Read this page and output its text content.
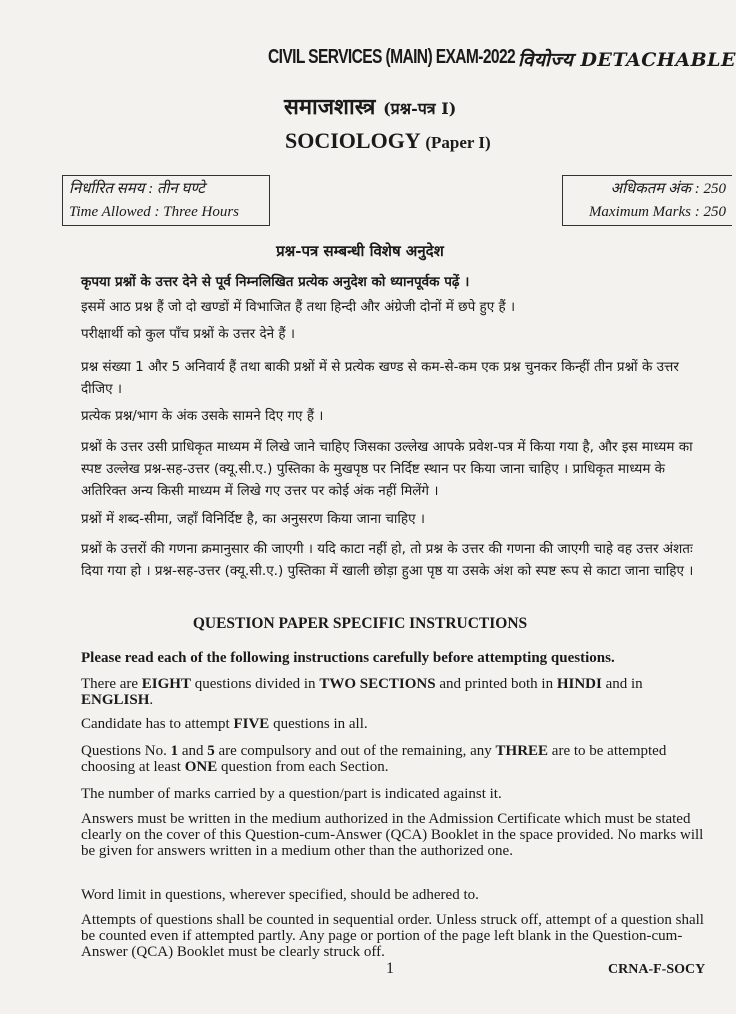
CIVIL SERVICES (MAIN) EXAM-2022 वियोज्य DETACHABLE
समाजशास्त्र (प्रश्न-पत्र I)
SOCIOLOGY (Paper I)
निर्धारित समय : तीन घण्टे
Time Allowed : Three Hours
अधिकतम अंक : 250
Maximum Marks : 250
प्रश्न-पत्र सम्बन्धी विशेष अनुदेश

कृपया प्रश्नों के उत्तर देने से पूर्व निम्नलिखित प्रत्येक अनुदेश को ध्यानपूर्वक पढ़ें ।

इसमें आठ प्रश्न हैं जो दो खण्डों में विभाजित हैं तथा हिन्दी और अंग्रेजी दोनों में छपे हुए हैं ।

परीक्षार्थी को कुल पाँच प्रश्नों के उत्तर देने हैं ।

प्रश्न संख्या 1 और 5 अनिवार्य हैं तथा बाकी प्रश्नों में से प्रत्येक खण्ड से कम-से-कम एक प्रश्न चुनकर किन्हीं तीन प्रश्नों के उत्तर दीजिए ।

प्रत्येक प्रश्न/भाग के अंक उसके सामने दिए गए हैं ।

प्रश्नों के उत्तर उसी प्राधिकृत माध्यम में लिखे जाने चाहिए जिसका उल्लेख आपके प्रवेश-पत्र में किया गया है, और इस माध्यम का स्पष्ट उल्लेख प्रश्न-सह-उत्तर (क्यू.सी.ए.) पुस्तिका के मुखपृष्ठ पर निर्दिष्ट स्थान पर किया जाना चाहिए । प्राधिकृत माध्यम के अतिरिक्त अन्य किसी माध्यम में लिखे गए उत्तर पर कोई अंक नहीं मिलेंगे ।

प्रश्नों में शब्द-सीमा, जहाँ विनिर्दिष्ट है, का अनुसरण किया जाना चाहिए ।

प्रश्नों के उत्तरों की गणना क्रमानुसार की जाएगी । यदि काटा नहीं हो, तो प्रश्न के उत्तर की गणना की जाएगी चाहे वह उत्तर अंशतः दिया गया हो । प्रश्न-सह-उत्तर (क्यू.सी.ए.) पुस्तिका में खाली छोड़ा हुआ पृष्ठ या उसके अंश को स्पष्ट रूप से काटा जाना चाहिए ।

QUESTION PAPER SPECIFIC INSTRUCTIONS

Please read each of the following instructions carefully before attempting questions.

There are EIGHT questions divided in TWO SECTIONS and printed both in HINDI and in ENGLISH.

Candidate has to attempt FIVE questions in all.

Questions No. 1 and 5 are compulsory and out of the remaining, any THREE are to be attempted choosing at least ONE question from each Section.

The number of marks carried by a question/part is indicated against it.

Answers must be written in the medium authorized in the Admission Certificate which must be stated clearly on the cover of this Question-cum-Answer (QCA) Booklet in the space provided. No marks will be given for answers written in a medium other than the authorized one.

Word limit in questions, wherever specified, should be adhered to.

Attempts of questions shall be counted in sequential order. Unless struck off, attempt of a question shall be counted even if attempted partly. Any page or portion of the page left blank in the Question-cum-Answer (QCA) Booklet must be clearly struck off.

1	CRNA-F-SOCY
